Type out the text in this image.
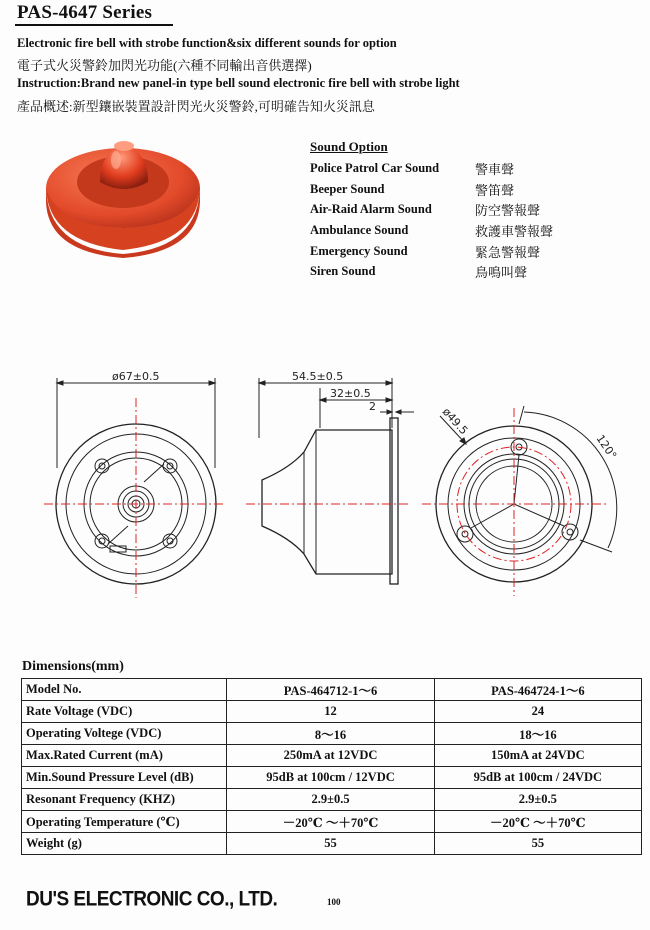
PAS-4647 Series
Electronic fire bell with strobe function&six different sounds for option
電子式火災警鈴加閃光功能(六種不同輸出音供選擇)
Instruction:Brand new panel-in type bell sound electronic fire bell with strobe light
產品概述:新型鑲嵌裝置設計閃光火災警鈴,可明確告知火災訊息
Sound Option
Police Patrol Car Sound	警車聲
Beeper Sound	警笛聲
Air-Raid Alarm Sound	防空警報聲
Ambulance Sound	救護車警報聲
Emergency Sound	緊急警報聲
Siren Sound	鳥鳴叫聲
ø67±0.5	54.5±0.5
32±0.5
2	ø49.5
120°
Dimensions(mm)
Model No.	PAS-464712-1～6	PAS-464724-1～6
Rate Voltage (VDC)	12	24
Operating Voltege (VDC)	8～16	18～16
Max.Rated Current (mA)	250mA at 12VDC	150mA at 24VDC
Min.Sound Pressure Level (dB)	95dB at 100cm / 12VDC	95dB at 100cm / 24VDC
Resonant Frequency (KHZ)	2.9±0.5	2.9±0.5
Operating Temperature (℃)	－20℃ ～＋70℃	－20℃ ～＋70℃
Weight (g)	55	55
DU'S ELECTRONIC CO., LTD.	100
